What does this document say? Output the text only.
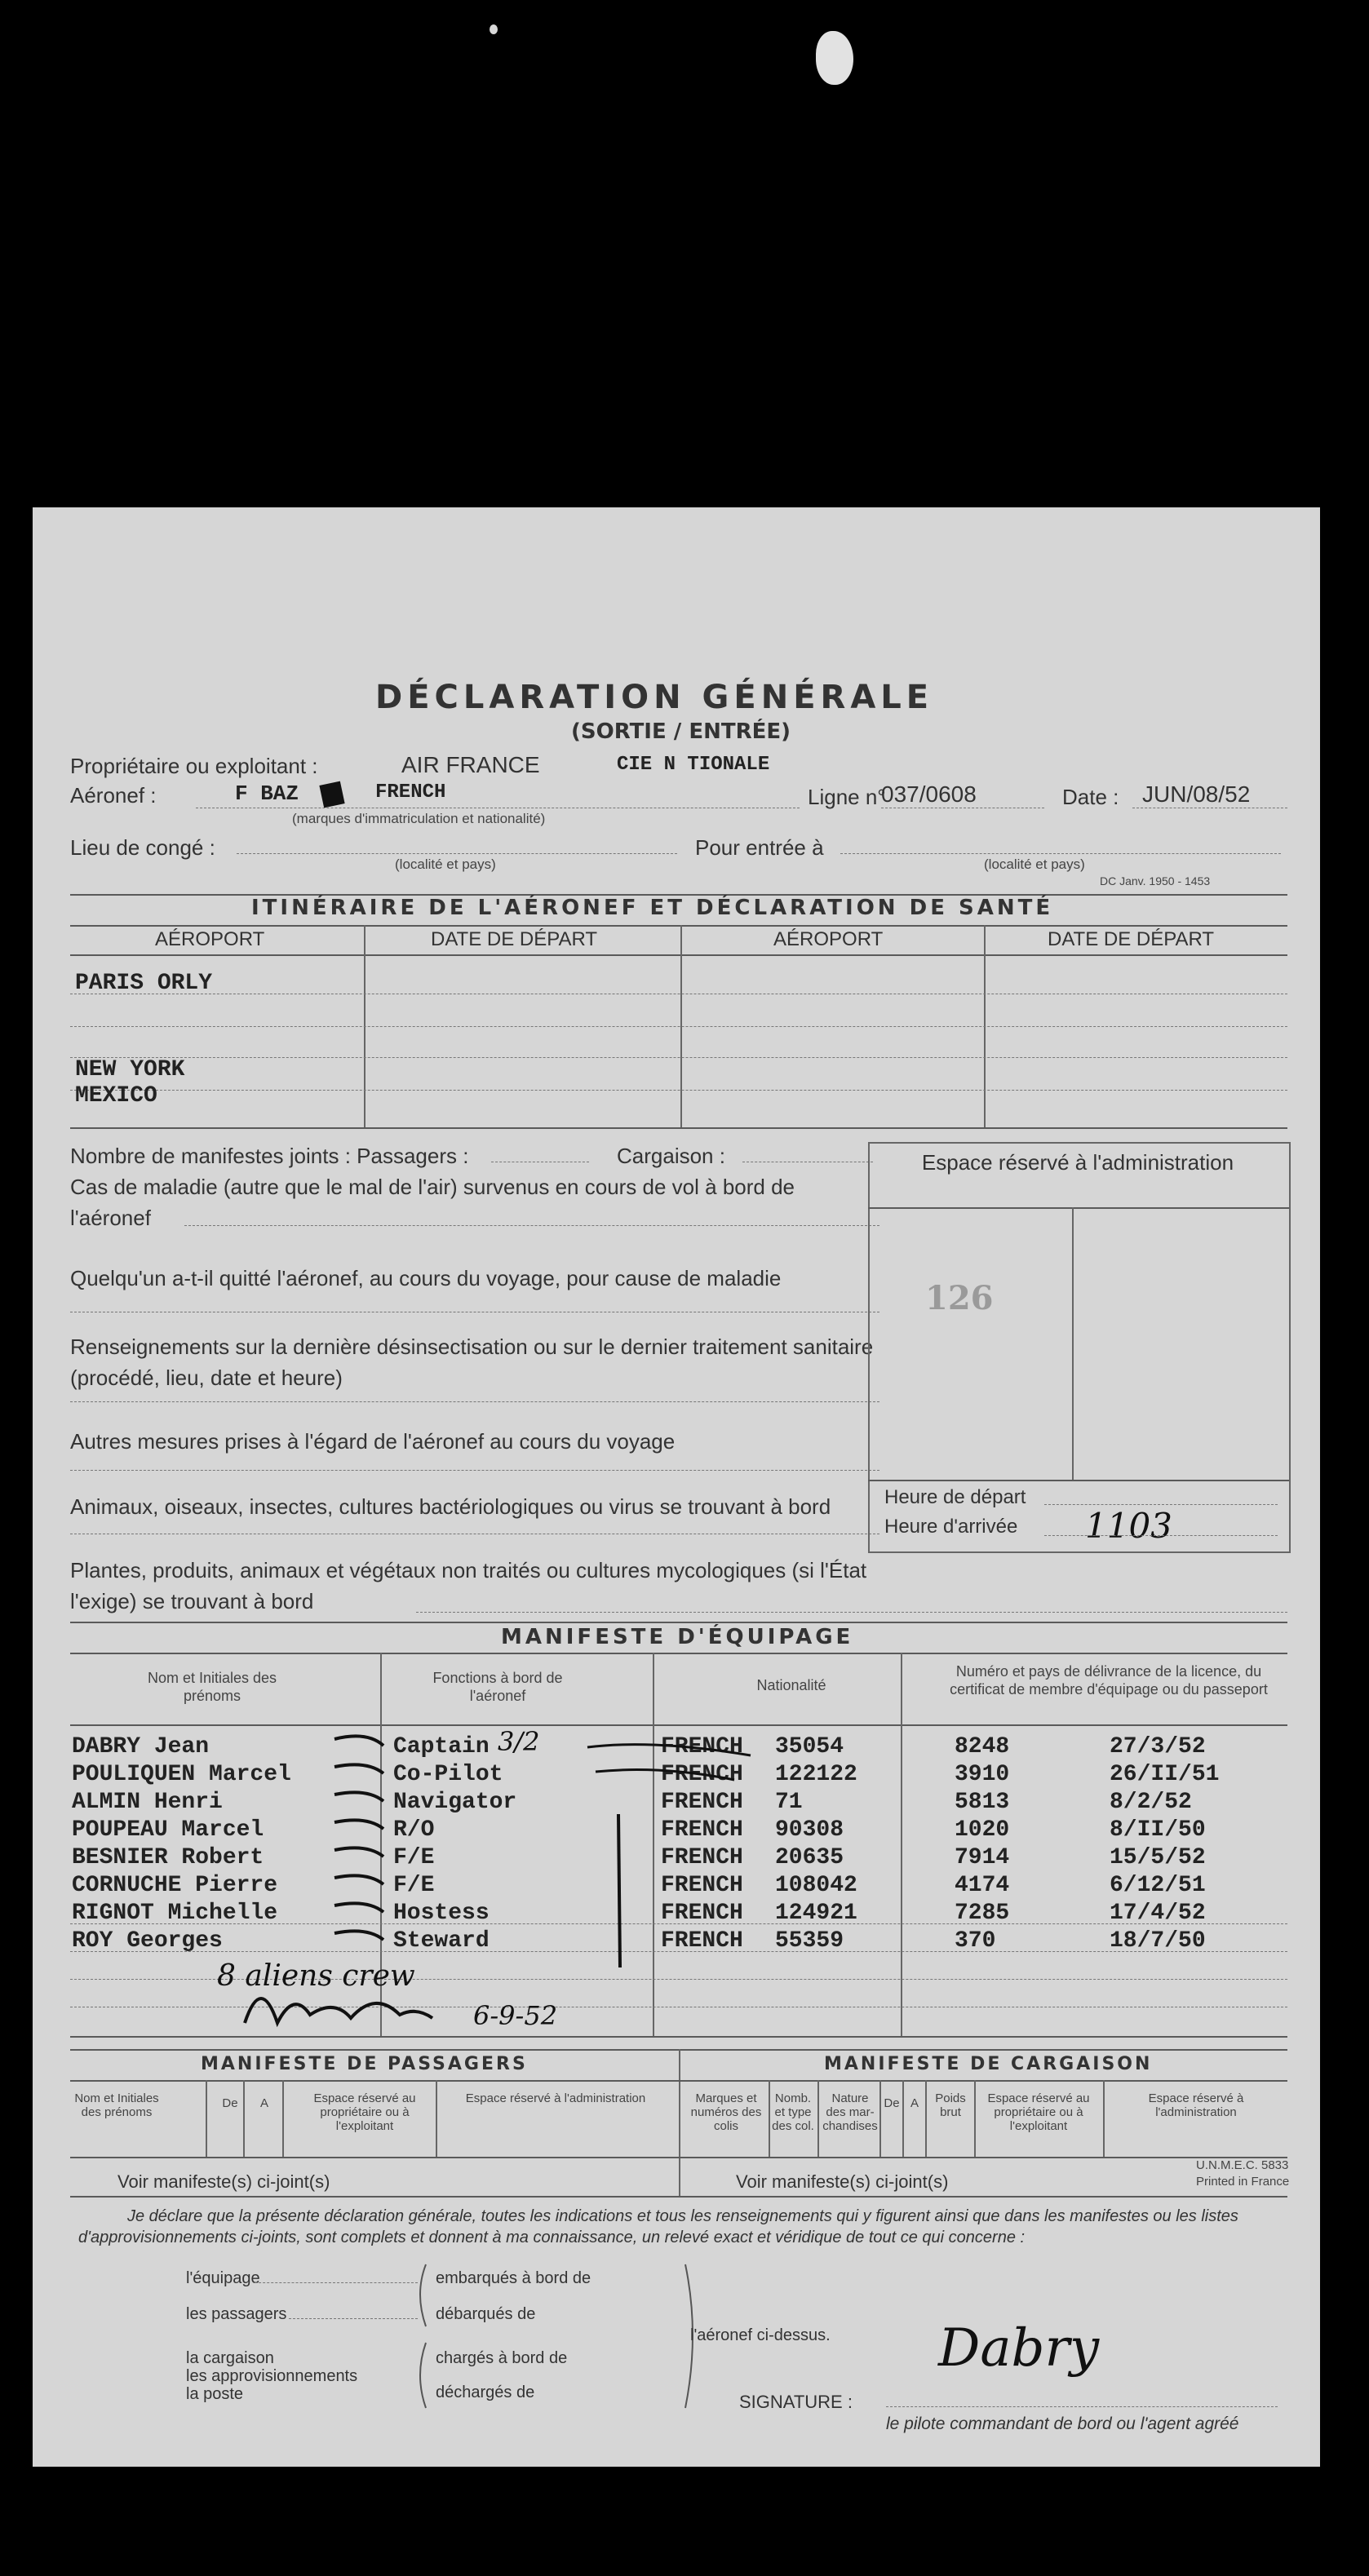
DÉCLARATION GÉNÉRALE
(SORTIE / ENTRÉE)
Propriétaire ou exploitant :	AIR FRANCE	CIE N TIONALE
Aéronef :	F BAZ	FRENCH
(marques d'immatriculation et nationalité)
Ligne n°
037/0608	Date : JUN/08/52
Lieu de congé :
(localité et pays)
Pour entrée à
(localité et pays)
DC Janv. 1950 - 1453
ITINÉRAIRE DE L'AÉRONEF ET DÉCLARATION DE SANTÉ
AÉROPORT	DATE DE DÉPART	AÉROPORT	DATE DE DÉPART
PARIS ORLY
NEW YORK
MEXICO
Nombre de manifestes joints : Passagers :	Cargaison :
Cas de maladie (autre que le mal de l'air) survenus en cours de vol à bord de l'aéronef
Quelqu'un a-t-il quitté l'aéronef, au cours du voyage, pour cause de maladie
Renseignements sur la dernière désinsectisation ou sur le dernier traitement sanitaire (procédé, lieu, date et heure)
Autres mesures prises à l'égard de l'aéronef au cours du voyage
Animaux, oiseaux, insectes, cultures bactériologiques ou virus se trouvant à bord
Plantes, produits, animaux et végétaux non traités ou cultures mycologiques (si l'État l'exige) se trouvant à bord
Espace réservé à l'administration
126
Heure de départ
Heure d'arrivée 1103
MANIFESTE D'ÉQUIPAGE
Nom et Initiales des prénoms
Fonctions à bord de l'aéronef
Nationalité
Numéro et pays de délivrance de la licence, du certificat de membre d'équipage ou du passeport
DABRY Jean	Captain	FRENCH 35054	8248	27/3/52
POULIQUEN Marcel	Co-Pilot	FRENCH 122122	3910	26/II/51
ALMIN Henri	Navigator	FRENCH 71	5813	8/2/52
POUPEAU Marcel	R/O	FRENCH 90308	1020	8/II/50
BESNIER Robert	F/E	FRENCH 20635	7914	15/5/52
CORNUCHE Pierre	F/E	FRENCH 108042	4174	6/12/51
RIGNOT Michelle	Hostess	FRENCH 124921	7285	17/4/52
ROY Georges	Steward	FRENCH 55359	370	18/7/50
3/2
8 aliens crew
6-9-52
MANIFESTE DE PASSAGERS	MANIFESTE DE CARGAISON
Nom et Initiales des prénoms
De	A	Espace réservé au propriétaire ou à l'exploitant
Espace réservé à l'administration	Marques et numéros des colis
Nomb. et type des col.
Nature des mar-chandises
De A	Poids brut
Espace réservé au propriétaire ou à l'exploitant
Espace réservé à l'administration
U.N.M.E.C. 5833
Voir manifeste(s) ci-joint(s)	Voir manifeste(s) ci-joint(s)	Printed in France
Je déclare que la présente déclaration générale, toutes les indications et tous les renseignements qui y figurent ainsi que dans les manifestes ou les listes d'approvisionnements ci-joints, sont complets et donnent à ma connaissance, un relevé exact et véridique de tout ce qui concerne :
l'équipage	embarqués à bord de
les passagers	débarqués de
la cargaison
les approvisionnements
la poste
chargés à bord de
déchargés de
l'aéronef ci-dessus.
SIGNATURE :
Dabry
le pilote commandant de bord ou l'agent agréé
